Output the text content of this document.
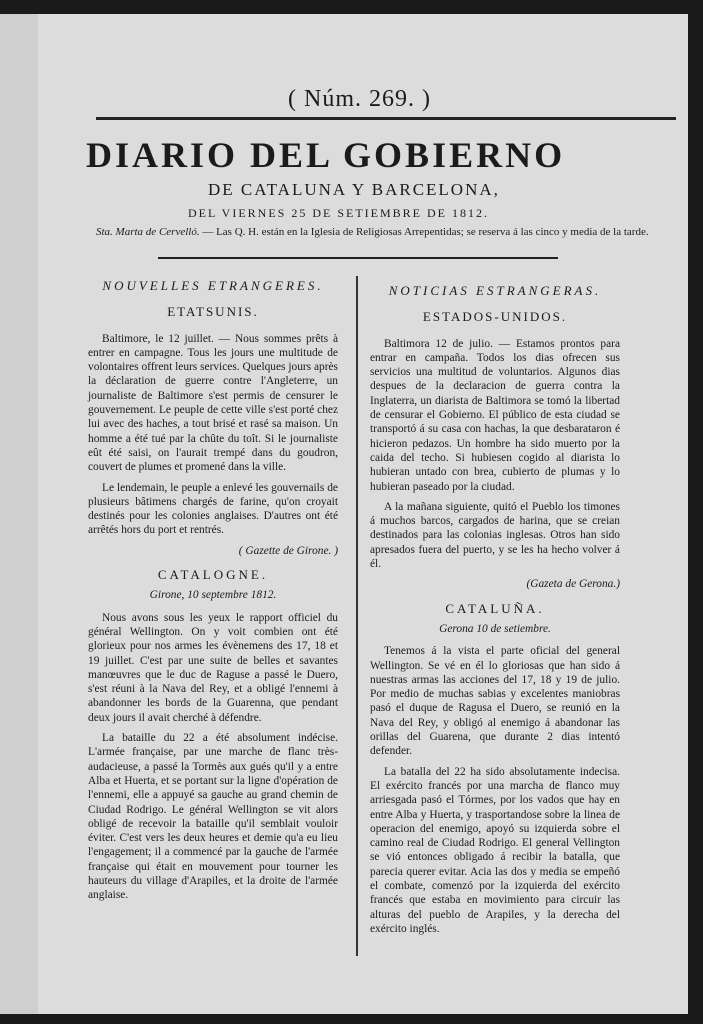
( Núm. 269. )
DIARIO DEL GOBIERNO
DE CATALUNA Y BARCELONA,
DEL VIERNES 25 DE SETIEMBRE DE 1812.
Sta. Marta de Cervelló. — Las Q. H. están en la Iglesia de Religiosas Arrepentidas; se reserva á las cinco y media de la tarde.
NOUVELLES ETRANGERES.
ETATSUNIS.

Baltimore, le 12 juillet. — Nous sommes prêts à entrer en campagne. Tous les jours une multitude de volontaires offrent leurs services. Quelques jours après la déclaration de guerre contre l'Angleterre, un journaliste de Baltimore s'est permis de censurer le gouvernement. Le peuple de cette ville s'est porté chez lui avec des haches, a tout brisé et rasé sa maison. Un homme a été tué par la chûte du toît. Si le journaliste eût été saisi, on l'aurait trempé dans du goudron, couvert de plumes et promené dans la ville.

Le lendemain, le peuple a enlevé les gouvernails de plusieurs bâtimens chargés de farine, qu'on croyait destinés pour les colonies anglaises. D'autres ont été arrêtés hors du port et rentrés.

( Gazette de Girone. )
CATALOGNE.
Girone, 10 septembre 1812.

Nous avons sous les yeux le rapport officiel du général Wellington. On y voit combien ont été glorieux pour nos armes les évènemens des 17, 18 et 19 juillet. C'est par une suite de belles et savantes manœuvres que le duc de Raguse a passé le Duero, s'est réuni à la Nava del Rey, et a obligé l'ennemi à abandonner les bords de la Guarenna, que pendant deux jours il avait cherché à défendre.

La bataille du 22 a été absolument indécise. L'armée française, par une marche de flanc très-audacieuse, a passé la Tormès aux gués qu'il y a entre Alba et Huerta, et se portant sur la ligne d'opération de l'ennemi, elle a appuyé sa gauche au grand chemin de Ciudad Rodrigo. Le général Wellington se vit alors obligé de recevoir la bataille qu'il semblait vouloir éviter. C'est vers les deux heures et demie qu'a eu lieu l'engagement; il a commencé par la gauche de l'armée française qui était en mouvement pour tourner les hauteurs du village d'Arapiles, et la droite de l'armée anglaise.

NOTICIAS ESTRANGERAS.
ESTADOS-UNIDOS.

Baltimora 12 de julio. — Estamos prontos para entrar en campaña. Todos los dias ofrecen sus servicios una multitud de voluntarios. Algunos dias despues de la declaracion de guerra contra la Inglaterra, un diarista de Baltimora se tomó la libertad de censurar el Gobierno. El público de esta ciudad se transportó á su casa con hachas, la que desbarataron é hicieron pedazos. Un hombre ha sido muerto por la caida del techo. Si hubiesen cogido al diarista lo hubieran untado con brea, cubierto de plumas y lo hubieran paseado por la ciudad.

A la mañana siguiente, quitó el Pueblo los timones á muchos barcos, cargados de harina, que se creian destinados para las colonias inglesas. Otros han sido apresados fuera del puerto, y se les ha hecho volver á él.

(Gazeta de Gerona.)
CATALUÑA.
Gerona 10 de setiembre.

Tenemos á la vista el parte oficial del general Wellington. Se vé en él lo gloriosas que han sido á nuestras armas las acciones del 17, 18 y 19 de julio. Por medio de muchas sabias y excelentes maniobras pasó el duque de Ragusa el Duero, se reunió en la Nava del Rey, y obligó al enemigo á abandonar las orillas del Guarena, que durante 2 dias intentó defender.

La batalla del 22 ha sido absolutamente indecisa. El exército francés por una marcha de flanco muy arriesgada pasó el Tórmes, por los vados que hay en entre Alba y Huerta, y trasportandose sobre la linea de operacion del enemigo, apoyó su izquierda sobre el camino real de Ciudad Rodrigo. El general Vellington se vió entonces obligado á recibir la batalla, que parecia querer evitar. Acia las dos y media se empeñó el combate, comenzó por la izquierda del exército francés que estaba en movimiento para circuir las alturas del pueblo de Arapiles, y la derecha del exército inglés.
